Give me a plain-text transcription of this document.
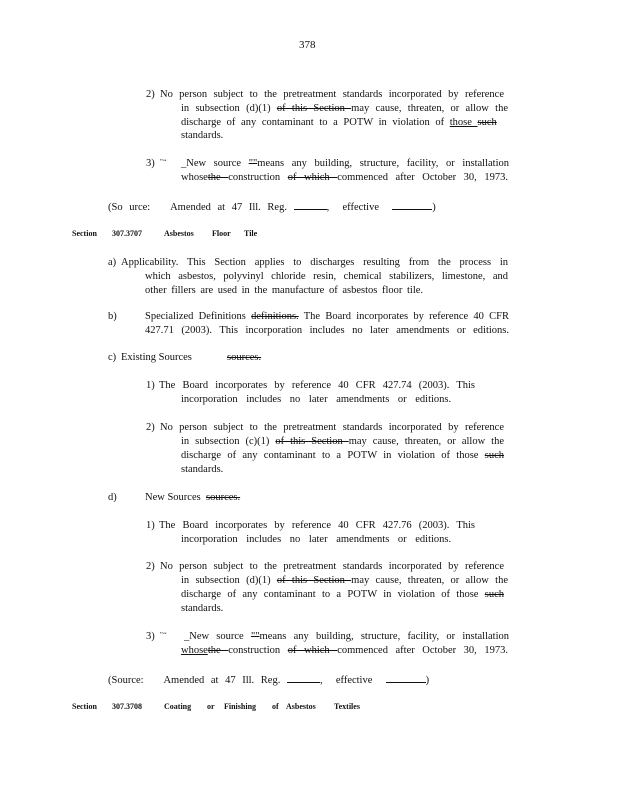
378
2) No person subject to the pretreatment standards incorporated by reference
in subsection (d)(1) of this Section may cause, threaten, or allow the
discharge of any contaminant to a POTW in violation of those such
standards.
3) "‘‘ _New source ""means any building, structure, facility, or installation
whosethe construction of which commenced after October 30, 1973.
(So urce: Amended at 47 Ill. Reg.	, effective	)
Section 307.3707	Asbestos Floor Tile
a) Applicability. This Section applies to discharges resulting from the process in
which asbestos, polyvinyl chloride resin, chemical stabilizers, limestone, and
other fillers are used in the manufacture of asbestos floor tile.
b)	Specialized Definitions definitions. The Board incorporates by reference 40 CFR
427.71 (2003). This incorporation includes no later amendments or editions.
c) Existing Sources	sources.
1) The Board incorporates by reference 40 CFR 427.74 (2003). This
incorporation includes no later amendments or editions.
2) No person subject to the pretreatment standards incorporated by reference
in subsection (c)(1) of this Section may cause, threaten, or allow the
discharge of any contaminant to a POTW in violation of those such
standards.
d)	New Sources sources.
1) The Board incorporates by reference 40 CFR 427.76 (2003). This
incorporation includes no later amendments or editions.
2) No person subject to the pretreatment standards incorporated by reference
in subsection (d)(1) of this Section may cause, threaten, or allow the
discharge of any contaminant to a POTW in violation of those such
standards.
3) "‘‘ _New source ""means any building, structure, facility, or installation
whosethe construction of which commenced after October 30, 1973.
(Source: Amended at 47 Ill. Reg.	, effective	)
Section 307.3708	Coating or Finishing of Asbestos Textiles
